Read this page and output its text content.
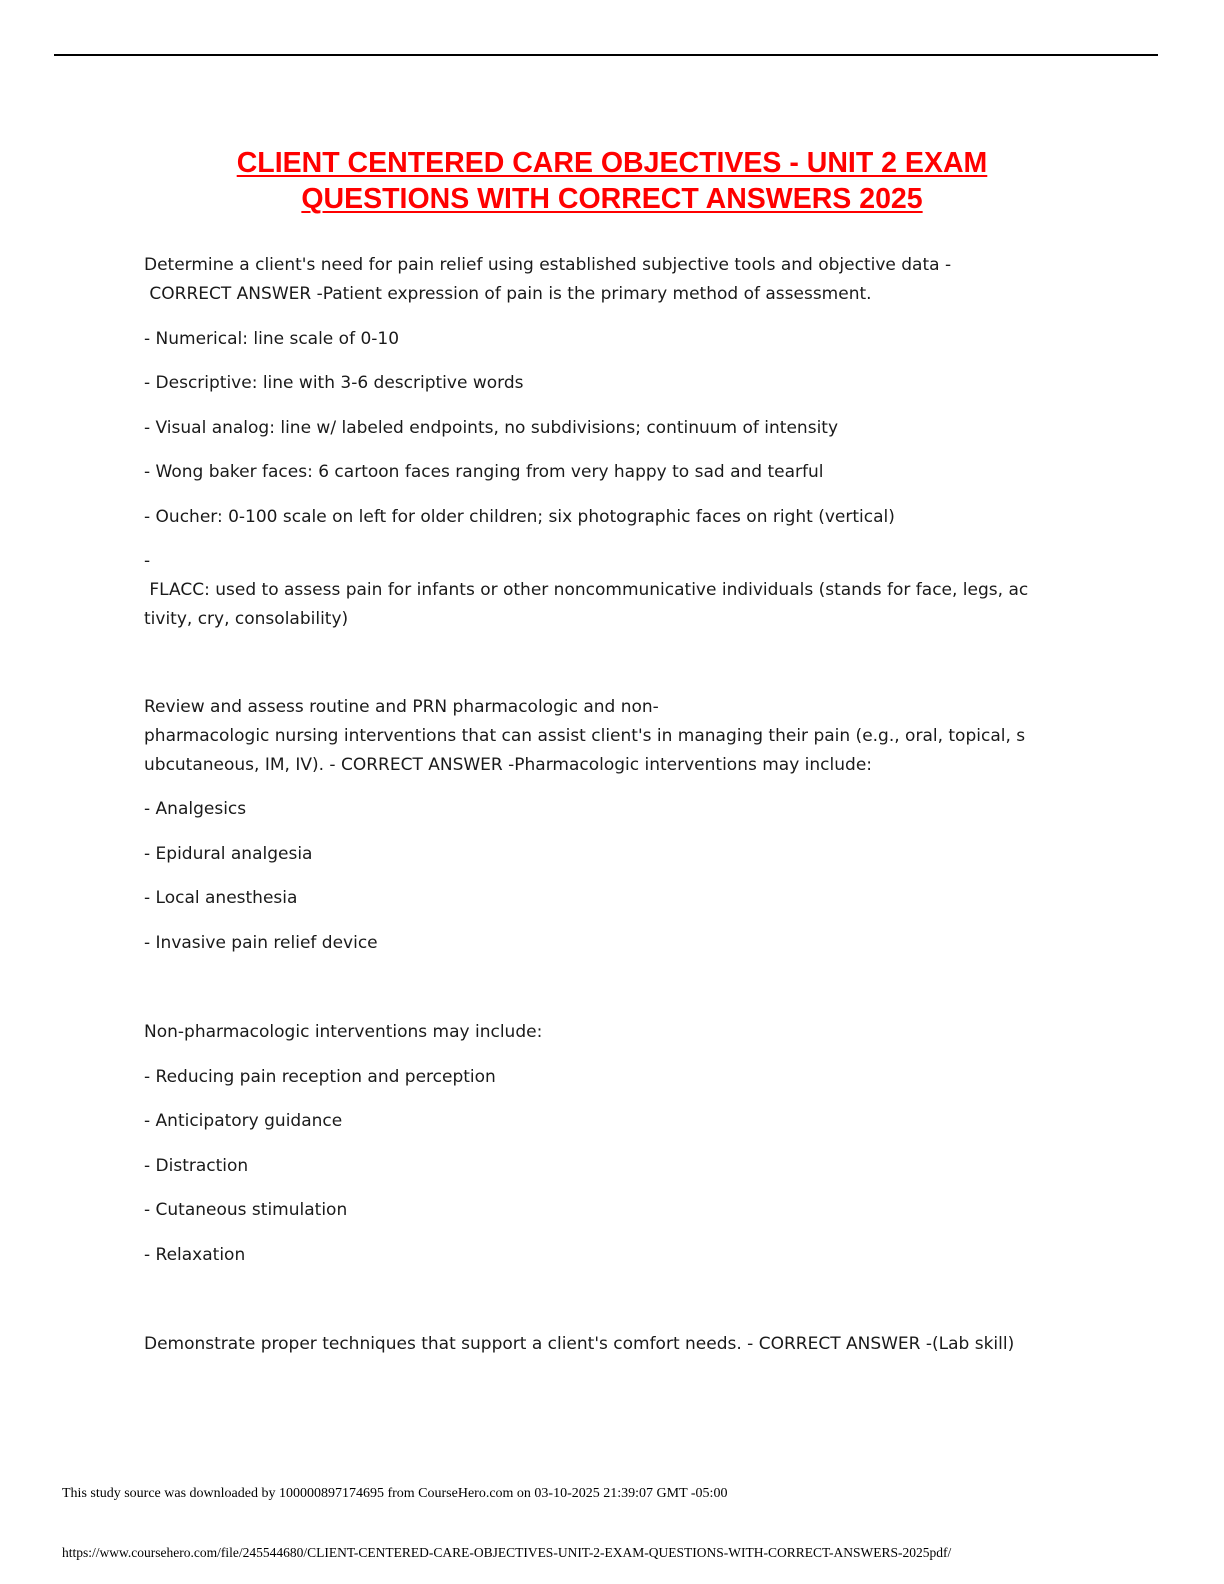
CLIENT CENTERED CARE OBJECTIVES - UNIT 2 EXAM
QUESTIONS WITH CORRECT ANSWERS 2025

Determine a client's need for pain relief using established subjective tools and objective data -

CORRECT ANSWER -Patient expression of pain is the primary method of assessment.

- Numerical: line scale of 0-10

- Descriptive: line with 3-6 descriptive words

- Visual analog: line w/ labeled endpoints, no subdivisions; continuum of intensity

- Wong baker faces: 6 cartoon faces ranging from very happy to sad and tearful

- Oucher: 0-100 scale on left for older children; six photographic faces on right (vertical)

-

FLACC: used to assess pain for infants or other noncommunicative individuals (stands for face, legs, ac

tivity, cry, consolability)

Review and assess routine and PRN pharmacologic and non-

pharmacologic nursing interventions that can assist client's in managing their pain (e.g., oral, topical, s

ubcutaneous, IM, IV). - CORRECT ANSWER -Pharmacologic interventions may include:

- Analgesics

- Epidural analgesia

- Local anesthesia

- Invasive pain relief device

Non-pharmacologic interventions may include:

- Reducing pain reception and perception

- Anticipatory guidance

- Distraction

- Cutaneous stimulation

- Relaxation

Demonstrate proper techniques that support a client's comfort needs. - CORRECT ANSWER -(Lab skill)

This study source was downloaded by 100000897174695 from CourseHero.com on 03-10-2025 21:39:07 GMT -05:00
https://www.coursehero.com/file/245544680/CLIENT-CENTERED-CARE-OBJECTIVES-UNIT-2-EXAM-QUESTIONS-WITH-CORRECT-ANSWERS-2025pdf/
